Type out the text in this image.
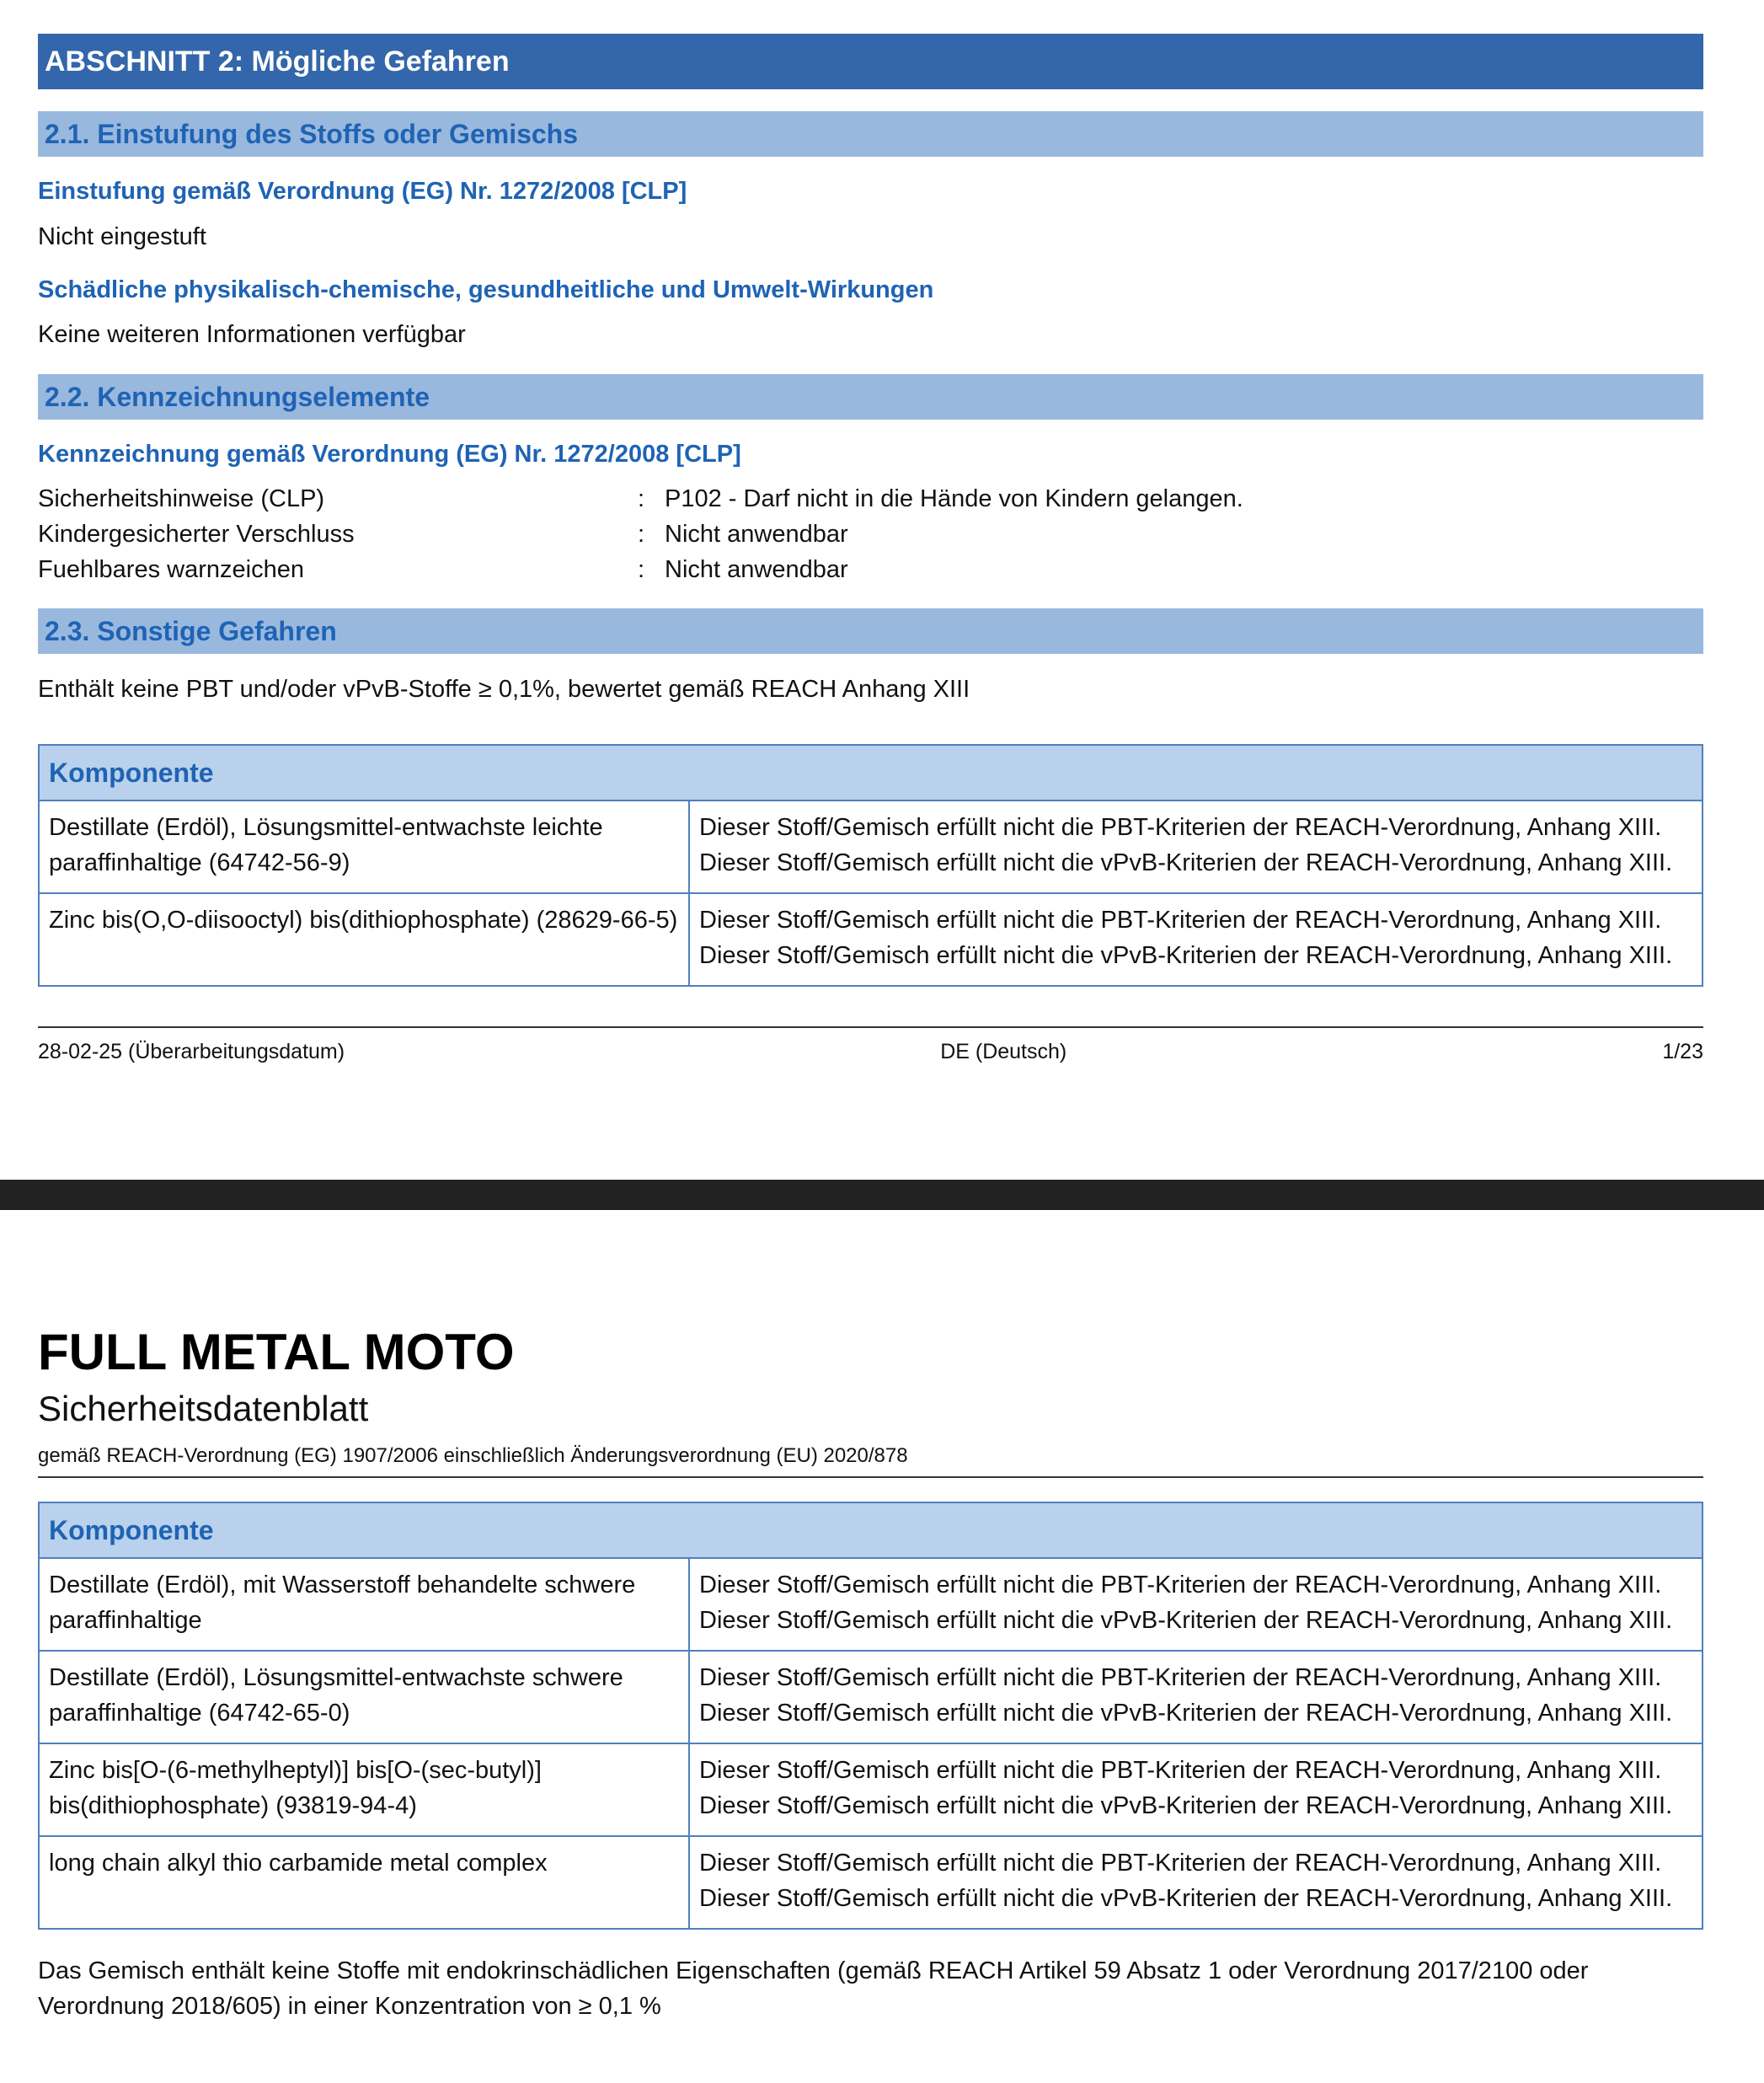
ABSCHNITT 2: Mögliche Gefahren
2.1. Einstufung des Stoffs oder Gemischs
Einstufung gemäß Verordnung (EG) Nr. 1272/2008 [CLP]
Nicht eingestuft
Schädliche physikalisch-chemische, gesundheitliche und Umwelt-Wirkungen
Keine weiteren Informationen verfügbar
2.2. Kennzeichnungselemente
Kennzeichnung gemäß Verordnung (EG) Nr. 1272/2008 [CLP]
Sicherheitshinweise (CLP)	: P102 - Darf nicht in die Hände von Kindern gelangen.
Kindergesicherter Verschluss	: Nicht anwendbar
Fuehlbares warnzeichen	: Nicht anwendbar
2.3. Sonstige Gefahren
Enthält keine PBT und/oder vPvB-Stoffe ≥ 0,1%, bewertet gemäß REACH Anhang XIII
Komponente	
Destillate (Erdöl), Lösungsmittel-entwachste leichte paraffinhaltige (64742-56-9)	Dieser Stoff/Gemisch erfüllt nicht die PBT-Kriterien der REACH-Verordnung, Anhang XIII.
Dieser Stoff/Gemisch erfüllt nicht die vPvB-Kriterien der REACH-Verordnung, Anhang XIII.
Zinc bis(O,O-diisooctyl) bis(dithiophosphate) (28629-66-5)	Dieser Stoff/Gemisch erfüllt nicht die PBT-Kriterien der REACH-Verordnung, Anhang XIII.
Dieser Stoff/Gemisch erfüllt nicht die vPvB-Kriterien der REACH-Verordnung, Anhang XIII.
28-02-25 (Überarbeitungsdatum)	DE (Deutsch)	1/23
FULL METAL MOTO
Sicherheitsdatenblatt
gemäß REACH-Verordnung (EG) 1907/2006 einschließlich Änderungsverordnung (EU) 2020/878
Komponente	
Destillate (Erdöl), mit Wasserstoff behandelte schwere paraffinhaltige	Dieser Stoff/Gemisch erfüllt nicht die PBT-Kriterien der REACH-Verordnung, Anhang XIII.
Dieser Stoff/Gemisch erfüllt nicht die vPvB-Kriterien der REACH-Verordnung, Anhang XIII.
Destillate (Erdöl), Lösungsmittel-entwachste schwere paraffinhaltige (64742-65-0)	Dieser Stoff/Gemisch erfüllt nicht die PBT-Kriterien der REACH-Verordnung, Anhang XIII.
Dieser Stoff/Gemisch erfüllt nicht die vPvB-Kriterien der REACH-Verordnung, Anhang XIII.
Zinc bis[O-(6-methylheptyl)] bis[O-(sec-butyl)] bis(dithiophosphate) (93819-94-4)	Dieser Stoff/Gemisch erfüllt nicht die PBT-Kriterien der REACH-Verordnung, Anhang XIII.
Dieser Stoff/Gemisch erfüllt nicht die vPvB-Kriterien der REACH-Verordnung, Anhang XIII.
long chain alkyl thio carbamide metal complex	Dieser Stoff/Gemisch erfüllt nicht die PBT-Kriterien der REACH-Verordnung, Anhang XIII.
Dieser Stoff/Gemisch erfüllt nicht die vPvB-Kriterien der REACH-Verordnung, Anhang XIII.
Das Gemisch enthält keine Stoffe mit endokrinschädlichen Eigenschaften (gemäß REACH Artikel 59 Absatz 1 oder Verordnung 2017/2100 oder Verordnung 2018/605) in einer Konzentration von ≥ 0,1 %
